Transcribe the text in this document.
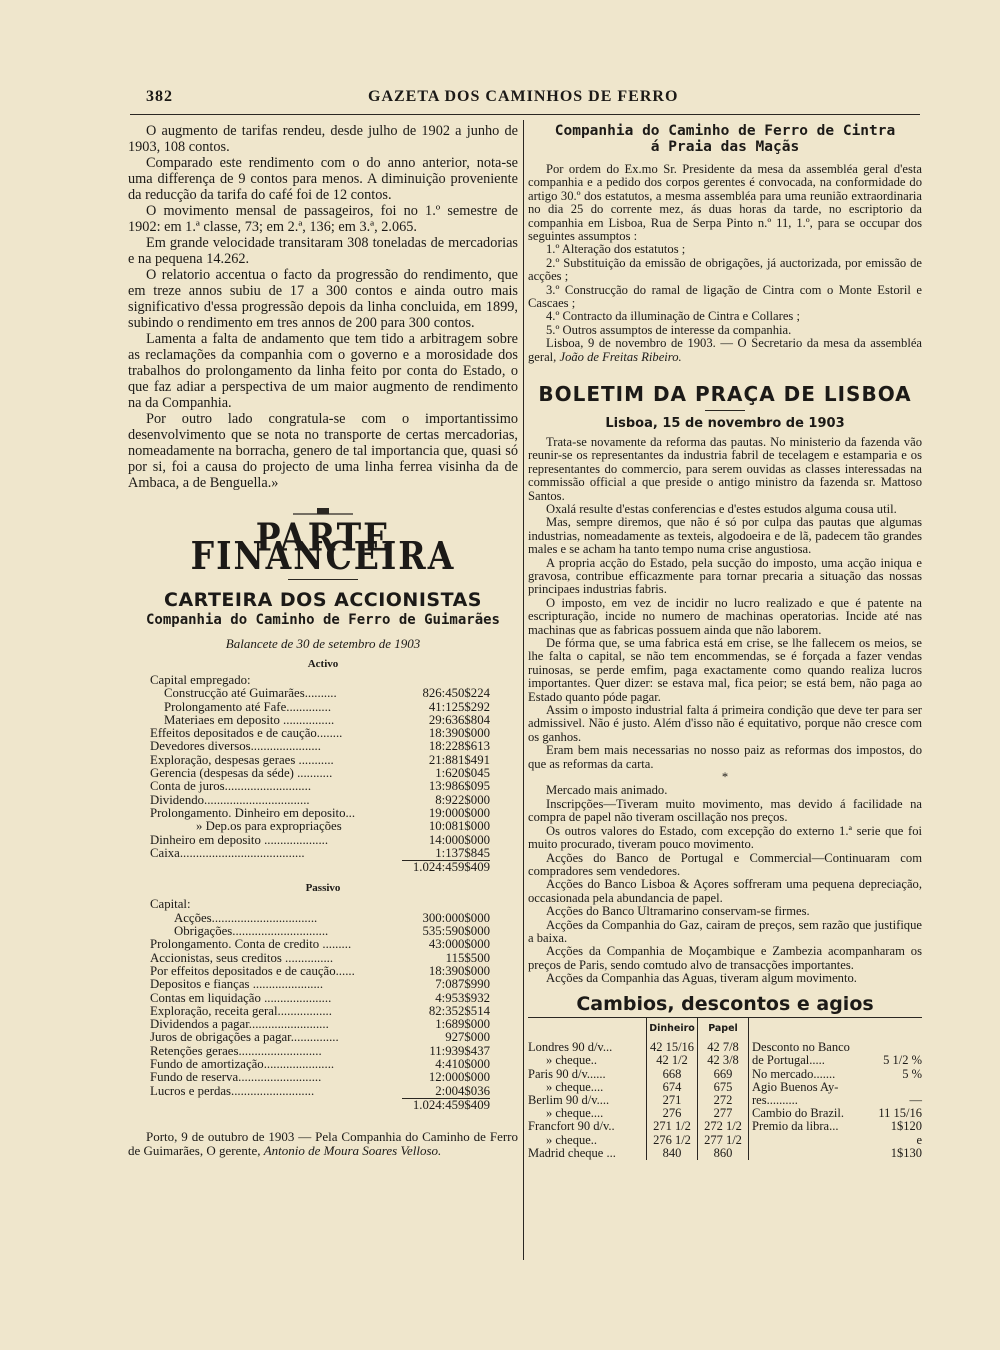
382	GAZETA DOS CAMINHOS DE FERRO

O augmento de tarifas rendeu, desde julho de 1902 a junho de 1903, 108 contos.

Comparado este rendimento com o do anno anterior, nota-se uma differença de 9 contos para menos. A diminuição proveniente da reducção da tarifa do café foi de 12 contos.

O movimento mensal de passageiros, foi no 1.º semestre de 1902: em 1.ª classe, 73; em 2.ª, 136; em 3.ª, 2.065.

Em grande velocidade transitaram 308 toneladas de mercadorias e na pequena 14.262.

O relatorio accentua o facto da progressão do rendimento, que em treze annos subiu de 17 a 300 contos e ainda outro mais significativo d'essa progressão depois da linha concluida, em 1899, subindo o rendimento em tres annos de 200 para 300 contos.

Lamenta a falta de andamento que tem tido a arbitragem sobre as reclamações da companhia com o governo e a morosidade dos trabalhos do prolongamento da linha feito por conta do Estado, o que faz adiar a perspectiva de um maior augmento de rendimento na da Companhia.

Por outro lado congratula-se com o importantissimo desenvolvimento que se nota no transporte de certas mercadorias, nomeadamente na borracha, genero de tal importancia que, quasi só por si, foi a causa do projecto de uma linha ferrea visinha da de Ambaca, a de Benguella.»

PARTE FINANCEIRA
CARTEIRA DOS ACCIONISTAS
Companhia do Caminho de Ferro de Guimarães
Balancete de 30 de setembro de 1903
Activo
Capital empregado:
Construcção até Guimarães..........	826:450$224
Prolongamento até Fafe..............	41:125$292
Materiaes em deposito ................	29:636$804
Effeitos depositados e de caução........	18:390$000
Devedores diversos......................	18:228$613
Exploração, despesas geraes ...........	21:881$491
Gerencia (despesas da séde) ...........	1:620$045
Conta de juros...........................	13:986$095
Dividendo.................................	8:922$000
Prolongamento. Dinheiro em deposito...	19:000$000
» Dep.os para expropriações	10:081$000
Dinheiro em deposito ....................	14:000$000
Caixa.......................................	1:137$845
1.024:459$409
Passivo
Capital:
Acções.................................	300:000$000
Obrigações..............................	535:590$000
Prolongamento. Conta de credito .........	43:000$000
Accionistas, seus creditos ...............	115$500
Por effeitos depositados e de caução......	18:390$000
Depositos e fianças ......................	7:087$990
Contas em liquidação .....................	4:953$932
Exploração, receita geral.................	82:352$514
Dividendos a pagar.........................	1:689$000
Juros de obrigações a pagar...............	927$000
Retenções geraes..........................	11:939$437
Fundo de amortização......................	4:410$000
Fundo de reserva..........................	12:000$000
Lucros e perdas..........................	2:004$036
1.024:459$409

Porto, 9 de outubro de 1903 — Pela Companhia do Caminho de Ferro de Guimarães, O gerente, Antonio de Moura Soares Velloso.

Companhia do Caminho de Ferro de Cintra á Praia das Maçãs

Por ordem do Ex.mo Sr. Presidente da mesa da assembléa geral d'esta companhia e a pedido dos corpos gerentes é convocada, na conformidade do artigo 30.º dos estatutos, a mesma assembléa para uma reunião extraordinaria no dia 25 do corrente mez, ás duas horas da tarde, no escriptorio da companhia em Lisboa, Rua de Serpa Pinto n.º 11, 1.º, para se occupar dos seguintes assumptos :

1.º Alteração dos estatutos ;

2.º Substituição da emissão de obrigações, já auctorizada, por emissão de acções ;

3.º Construcção do ramal de ligação de Cintra com o Monte Estoril e Cascaes ;

4.º Contracto da illuminação de Cintra e Collares ;

5.º Outros assumptos de interesse da companhia.

Lisboa, 9 de novembro de 1903. — O Secretario da mesa da assembléa geral, João de Freitas Ribeiro.

BOLETIM DA PRAÇA DE LISBOA
Lisboa, 15 de novembro de 1903

Trata-se novamente da reforma das pautas. No ministerio da fazenda vão reunir-se os representantes da industria fabril de tecelagem e estamparia e os representantes do commercio, para serem ouvidas as classes interessadas na commissão official a que preside o antigo ministro da fazenda sr. Mattoso Santos.

Oxalá resulte d'estas conferencias e d'estes estudos alguma cousa util.

Mas, sempre diremos, que não é só por culpa das pautas que algumas industrias, nomeadamente as texteis, algodoeira e de lã, padecem tão grandes males e se acham ha tanto tempo numa crise angustiosa.

A propria acção do Estado, pela sucção do imposto, uma acção iniqua e gravosa, contribue efficazmente para tornar precaria a situação das nossas principaes industrias fabris.

O imposto, em vez de incidir no lucro realizado e que é patente na escripturação, incide no numero de machinas operatorias. Incide até nas machinas que as fabricas possuem ainda que não laborem.

De fórma que, se uma fabrica está em crise, se lhe fallecem os meios, se lhe falta o capital, se não tem encommendas, se é forçada a fazer vendas ruinosas, se perde emfim, paga exactamente como quando realiza lucros importantes. Quer dizer: se estava mal, fica peior; se está bem, não paga ao Estado quanto póde pagar.

Assim o imposto industrial falta á primeira condição que deve ter para ser admissivel. Não é justo. Além d'isso não é equitativo, porque não cresce com os ganhos.

Eram bem mais necessarias no nosso paiz as reformas dos impostos, do que as reformas da carta.

*

Mercado mais animado.

Inscripções—Tiveram muito movimento, mas devido á facilidade na compra de papel não tiveram oscillação nos preços.

Os outros valores do Estado, com excepção do externo 1.ª serie que foi muito procurado, tiveram pouco movimento.

Acções do Banco de Portugal e Commercial—Continuaram com compradores sem vendedores.

Acções do Banco Lisboa & Açores soffreram uma pequena depreciação, occasionada pela abundancia de papel.

Acções do Banco Ultramarino conservam-se firmes.

Acções da Companhia do Gaz, cairam de preços, sem razão que justifique a baixa.

Acções da Companhia de Moçambique e Zambezia acompanharam os preços de Paris, sendo comtudo alvo de transacções importantes.

Acções da Companhia das Aguas, tiveram algum movimento.

Cambios, descontos e agios
	Dinheiro	Papel		
Londres 90 d/v...	42 15/16	42 7/8	Desconto no Banco	
» cheque..	42 1/2	42 3/8	de Portugal.....	5 1/2 %
Paris 90 d/v......	668	669	No mercado.......	5 %
» cheque....	674	675	Agio Buenos Ay-	
Berlim 90 d/v....	271	272	res..........	—
» cheque....	276	277	Cambio do Brazil.	11 15/16
Francfort 90 d/v..	271 1/2	272 1/2	Premio da libra...	1$120
» cheque..	276 1/2	277 1/2		e
Madrid cheque ...	840	860		1$130
